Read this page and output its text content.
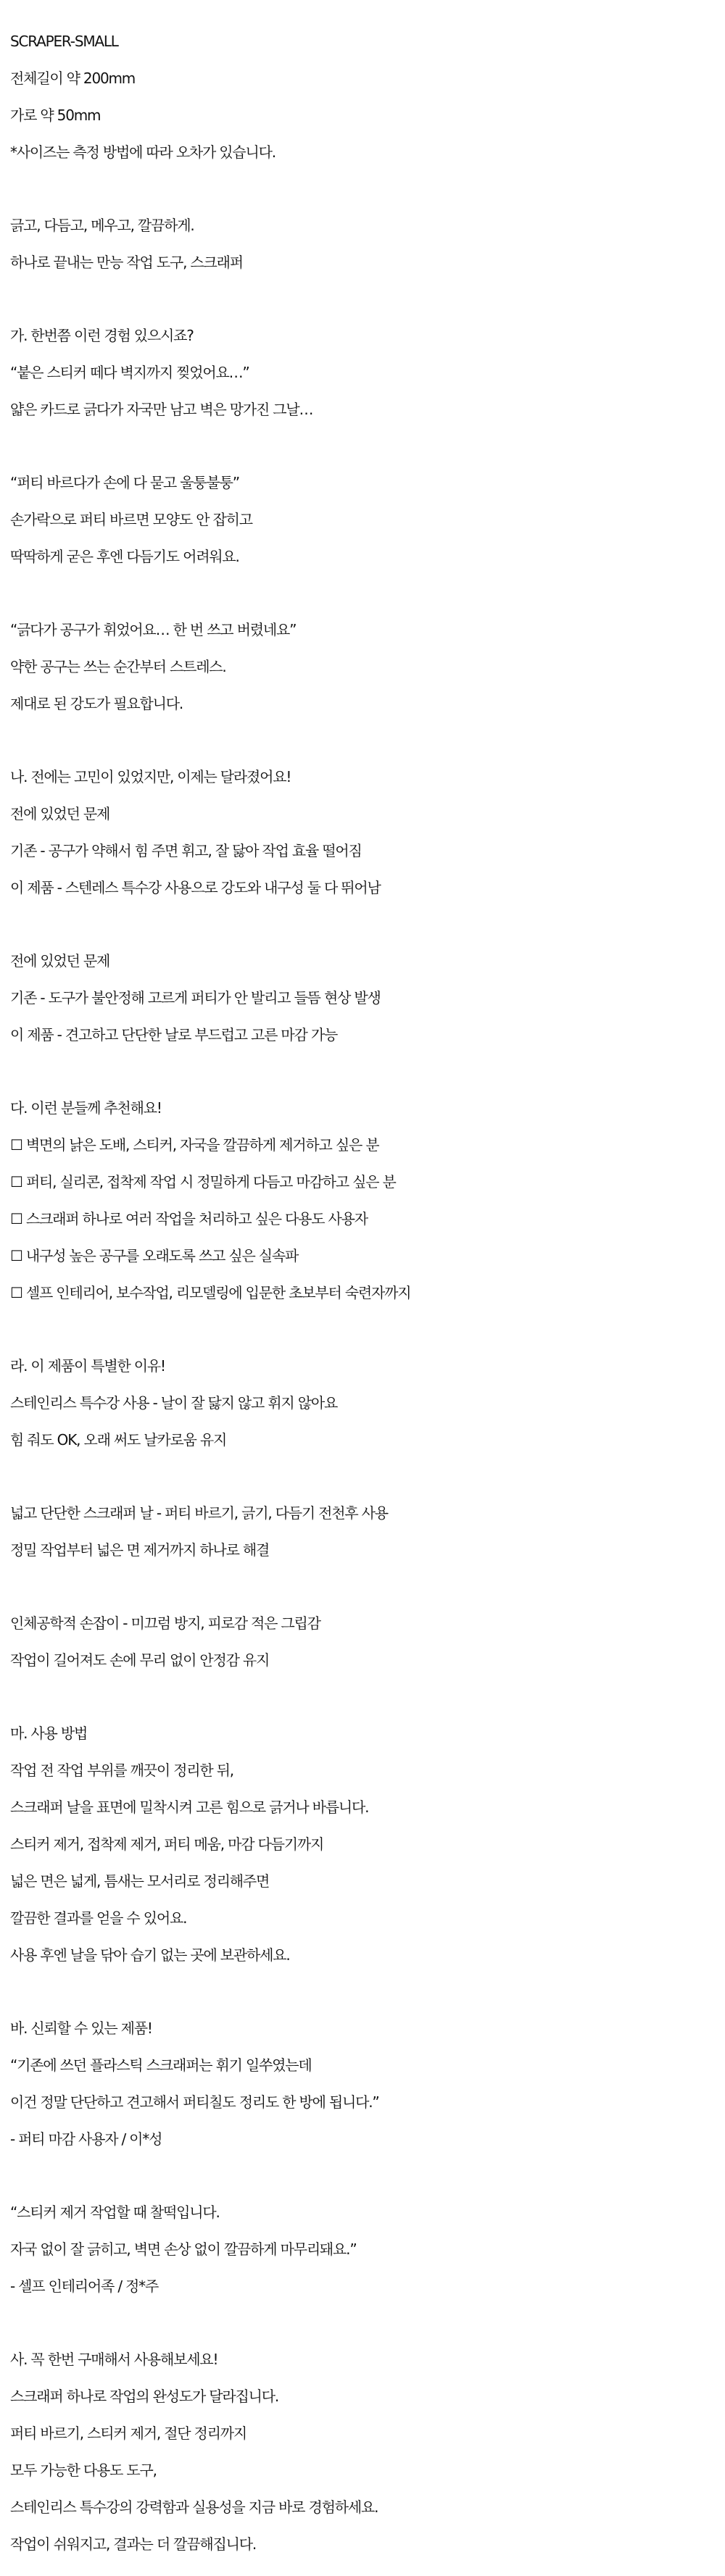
SCRAPER-SMALL
전체길이 약 200mm
가로 약 50mm
*사이즈는 측정 방법에 따라 오차가 있습니다.
긁고, 다듬고, 메우고, 깔끔하게.
하나로 끝내는 만능 작업 도구, 스크래퍼
가. 한번쯤 이런 경험 있으시죠?
“붙은 스티커 떼다 벽지까지 찢었어요…”
얇은 카드로 긁다가 자국만 남고 벽은 망가진 그날…
“퍼티 바르다가 손에 다 묻고 울퉁불퉁”
손가락으로 퍼티 바르면 모양도 안 잡히고
딱딱하게 굳은 후엔 다듬기도 어려워요.
“긁다가 공구가 휘었어요… 한 번 쓰고 버렸네요”
약한 공구는 쓰는 순간부터 스트레스.
제대로 된 강도가 필요합니다.
나. 전에는 고민이 있었지만, 이제는 달라졌어요!
전에 있었던 문제
기존 - 공구가 약해서 힘 주면 휘고, 잘 닳아 작업 효율 떨어짐
이 제품 - 스텐레스 특수강 사용으로 강도와 내구성 둘 다 뛰어남
전에 있었던 문제
기존 - 도구가 불안정해 고르게 퍼티가 안 발리고 들뜸 현상 발생
이 제품 - 견고하고 단단한 날로 부드럽고 고른 마감 가능
다. 이런 분들께 추천해요!
☐ 벽면의 낡은 도배, 스티커, 자국을 깔끔하게 제거하고 싶은 분
☐ 퍼티, 실리콘, 접착제 작업 시 정밀하게 다듬고 마감하고 싶은 분
☐ 스크래퍼 하나로 여러 작업을 처리하고 싶은 다용도 사용자
☐ 내구성 높은 공구를 오래도록 쓰고 싶은 실속파
☐ 셀프 인테리어, 보수작업, 리모델링에 입문한 초보부터 숙련자까지
라. 이 제품이 특별한 이유!
스테인리스 특수강 사용 - 날이 잘 닳지 않고 휘지 않아요
힘 줘도 OK, 오래 써도 날카로움 유지
넓고 단단한 스크래퍼 날 - 퍼티 바르기, 긁기, 다듬기 전천후 사용
정밀 작업부터 넓은 면 제거까지 하나로 해결
인체공학적 손잡이 - 미끄럼 방지, 피로감 적은 그립감
작업이 길어져도 손에 무리 없이 안정감 유지
마. 사용 방법
작업 전 작업 부위를 깨끗이 정리한 뒤,
스크래퍼 날을 표면에 밀착시켜 고른 힘으로 긁거나 바릅니다.
스티커 제거, 접착제 제거, 퍼티 메움, 마감 다듬기까지
넓은 면은 넓게, 틈새는 모서리로 정리해주면
깔끔한 결과를 얻을 수 있어요.
사용 후엔 날을 닦아 습기 없는 곳에 보관하세요.
바. 신뢰할 수 있는 제품!
“기존에 쓰던 플라스틱 스크래퍼는 휘기 일쑤였는데
이건 정말 단단하고 견고해서 퍼티칠도 정리도 한 방에 됩니다.”
- 퍼티 마감 사용자 / 이*성
“스티커 제거 작업할 때 찰떡입니다.
자국 없이 잘 긁히고, 벽면 손상 없이 깔끔하게 마무리돼요.”
- 셀프 인테리어족 / 정*주
사. 꼭 한번 구매해서 사용해보세요!
스크래퍼 하나로 작업의 완성도가 달라집니다.
퍼티 바르기, 스티커 제거, 절단 정리까지
모두 가능한 다용도 도구,
스테인리스 특수강의 강력함과 실용성을 지금 바로 경험하세요.
작업이 쉬워지고, 결과는 더 깔끔해집니다.
